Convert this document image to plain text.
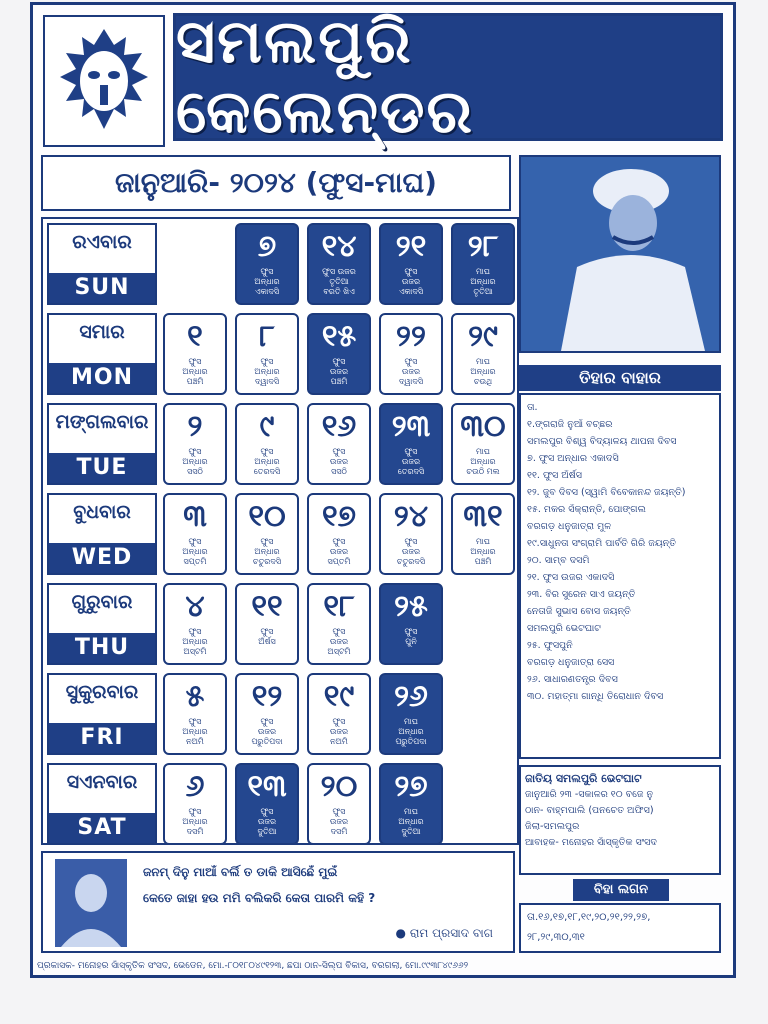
ସମଲପୁରି କେଲେନ୍‌ଡର
ଜାନୁଆରି- ୨୦୨୪ (ଫୁସ-ମାଘ)
ରଏବାର
SUN
ସମାର
MON
ମଙ୍ଗଲବାର
TUE
ବୁଧବାର
WED
ଗୁରୁବାର
THU
ସୁକୁରବାର
FRI
ସଏନବାର
SAT
୭
ଫୁସ
ଅନ୍ଧାର
ଏକାଦସି
୧୪
ଫୁସ ଉଜର
ତୃତିଆ
ବରତି ଖିଏ
୨୧
ଫୁସ
ଉଜର
ଏକାଦସି
୨୮
ମାଘ
ଅନ୍ଧାର
ତୃତିଆ
୧
ଫୁସ
ଅନ୍ଧାର
ପଞ୍ଚମି
୮
ଫୁସ
ଅନ୍ଧାର
ଦ୍ୱାଦସି
୧୫
ଫୁସ
ଉଜର
ପଞ୍ଚମି
୨୨
ଫୁସ
ଉଜର
ଦ୍ୱାଦସି
୨୯
ମାଘ
ଅନ୍ଧାର
ଚଉଥି
୨
ଫୁସ
ଅନ୍ଧାର
ସସଠି
୯
ଫୁସ
ଅନ୍ଧାର
ତେରଦସି
୧୬
ଫୁସ
ଉଜର
ସସଠି
୨୩
ଫୁସ
ଉଜର
ତେରଦସି
୩୦
ମାଘ
ଅନ୍ଧାର
ଚଉଠି ମଲ
୩
ଫୁସ
ଅନ୍ଧାର
ସପ୍ତମି
୧୦
ଫୁସ
ଅନ୍ଧାର
ଚତୁରଦସି
୧୭
ଫୁସ
ଉଜର
ସପ୍ତମି
୨୪
ଫୁସ
ଉଜର
ଚତୁରଦସି
୩୧
ମାଘ
ଅନ୍ଧାର
ପଞ୍ଚମି
୪
ଫୁସ
ଅନ୍ଧାର
ଅସ୍ଟମି
୧୧
ଫୁସ
ଅଁର୍ଷସ
୧୮
ଫୁସ
ଉଜର
ଅସ୍ଟମି
୨୫
ଫୁସ
ପୁନି
୫
ଫୁସ
ଅନ୍ଧାର
ନଅମି
୧୨
ଫୁସ
ଉଜର
ପରୁତିପଦା
୧୯
ଫୁସ
ଉଜର
ନଅମି
୨୬
ମାଘ
ଅନ୍ଧାର
ପରୁତିପଦା
୬
ଫୁସ
ଅନ୍ଧାର
ଦସମି
୧୩
ଫୁସ
ଉଜର
ଦୁତିଆ
୨୦
ଫୁସ
ଉଜର
ଦସମି
୨୭
ମାଘ
ଅନ୍ଧାର
ଦୁତିଆ
ତିହାର ବାହାର
ତା.
୧.ଙ୍ଗରାଜି ନୁଆଁ ବଚ୍ଛର
ସମଲପୁର ବିଶ୍ୱ ବିଦ୍ୟାଳୟ ଥାପନା ଦିବସ
୭. ଫୁସ ଅନ୍ଧାର ଏକାଦସି
୧୧. ଫୁସ ଅଁର୍ଷସ
୧୨. ଜୁବ ଦିବସ (ସ୍ୱାମି ବିବେକାନନ୍ଦ ଜୟନ୍ତି)
୧୫. ମକର ସଁକ୍ରାନ୍ତି, ପୋଙ୍ଗଲ
ବରଗଡ଼ ଧନୁଜାତ୍ରା ମୁଳ
୧୯.ସାଧୁନତା ସଂଗ୍ରାମି ପାର୍ବତି ଗିରି ଜୟନ୍ତି
୨୦. ସାମ୍ବ ଦସମି
୨୧. ଫୁସ ଉଜର ଏକାଦସି
୨୩. ବିର ସୁରେନ ସାଏ ଜୟନ୍ତି
ନେତାଜି ସୁଭାସ ବୋସ ଜୟନ୍ତି
ସମଲପୁରି ଭେଟଘାଟ
୨୫. ଫୁସପୁନି
ବରଗଡ଼ ଧନୁଜାତ୍ରା ସେସ
୨୬. ସାଧାରଣତନ୍ତ୍ର ଦିବସ
୩୦. ମହାତ୍ମା ଗାନ୍ଧି ତିରୋଧାନ ଦିବସ
ଜାତିୟ ସମଲପୁରି ଭେଟଘାଟ
ଜାନୁଆରି ୨୩ -ସକାଳର ୧୦ ବଜେ ନୁ
ଠାନ- ବାହ୍ମପାଲି (ପନଚେତ ଅଫିସ)
ଜିଲା-ସମଲପୁର
ଆବାହକ- ମନୋହର ସାଁସ୍କୃତିକ ସଂସଦ
ବିହା ଲଗନ
ତା.୧୬,୧୭,୧୮,୧୯,୨୦,୨୧,୨୨,୨୭,
୨୮,୨୯,୩୦,୩୧
ଜନମ୍ ଦିନୁ ମାଆଁ ବର୍ଲି ତ ଡାକି ଆସିଛେଁ ମୁଇଁ
କେତେ ଜାହା ହଉ ମମି ବଲିକରି କେତା ପାରମି କହି ?
● ରାମ ପ୍ରସାଦ ବାଗ
ପ୍ରକାସକ- ମନୋହର ସାଁସ୍କୃତିକ ସଂସଦ, ଭେଡେନ, ମୋ.-୮୦୧୮୦୪୯୧୨୩, ଛପା ଠାନ-ସିଲ୍ପ ବିକାସ, ବରଗଲା, ମୋ.୯୯୩୮୪୯୬୬୨
